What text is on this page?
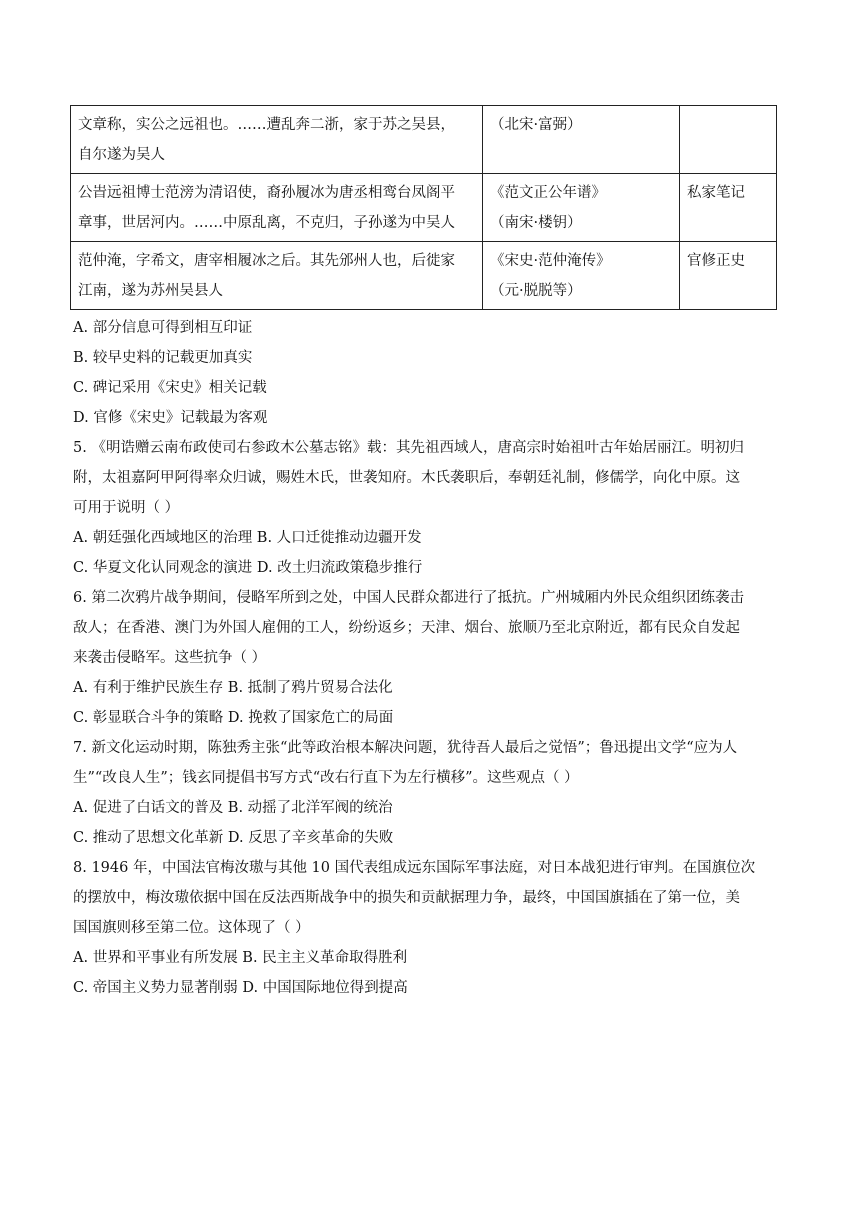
文章称，实公之远祖也。……遭乱奔二浙，家于苏之吴县，
自尔遂为吴人	（北宋·富弼）	

公旹远祖博士范滂为清诏使，裔孙履冰为唐丞相鸾台凤阁平
章事，世居河内。……中原乱离，不克归，子孙遂为中吴人	《范文正公年谱》
（南宋·楼钥）	私家笔记

范仲淹，字希文，唐宰相履冰之后。其先邠州人也，后徙家
江南，遂为苏州吴县人	《宋史·范仲淹传》
（元·脱脱等）	官修正史
A. 部分信息可得到相互印证
B. 较早史料的记载更加真实
C. 碑记采用《宋史》相关记载
D. 官修《宋史》记载最为客观
5. 《明诰赠云南布政使司右参政木公墓志铭》载：其先祖西域人，唐高宗时始祖叶古年始居丽江。明初归
附，太祖嘉阿甲阿得率众归诚，赐姓木氏，世袭知府。木氏袭职后，奉朝廷礼制，修儒学，向化中原。这
可用于说明（ ）
A. 朝廷强化西域地区的治理 B. 人口迁徙推动边疆开发
C. 华夏文化认同观念的演进 D. 改土归流政策稳步推行
6. 第二次鸦片战争期间，侵略军所到之处，中国人民群众都进行了抵抗。广州城厢内外民众组织团练袭击
敌人；在香港、澳门为外国人雇佣的工人，纷纷返乡；天津、烟台、旅顺乃至北京附近，都有民众自发起
来袭击侵略军。这些抗争（ ）
A. 有利于维护民族生存 B. 抵制了鸦片贸易合法化
C. 彰显联合斗争的策略 D. 挽救了国家危亡的局面
7. 新文化运动时期，陈独秀主张“此等政治根本解决问题，犹待吾人最后之觉悟”；鲁迅提出文学“应为人
生”“改良人生”；钱玄同提倡书写方式“改右行直下为左行横移”。这些观点（ ）
A. 促进了白话文的普及 B. 动摇了北洋军阀的统治
C. 推动了思想文化革新 D. 反思了辛亥革命的失败
8. 1946 年，中国法官梅汝璈与其他 10 国代表组成远东国际军事法庭，对日本战犯进行审判。在国旗位次
的摆放中，梅汝璈依据中国在反法西斯战争中的损失和贡献据理力争，最终，中国国旗插在了第一位，美
国国旗则移至第二位。这体现了（ ）
A. 世界和平事业有所发展 B. 民主主义革命取得胜利
C. 帝国主义势力显著削弱 D. 中国国际地位得到提高
